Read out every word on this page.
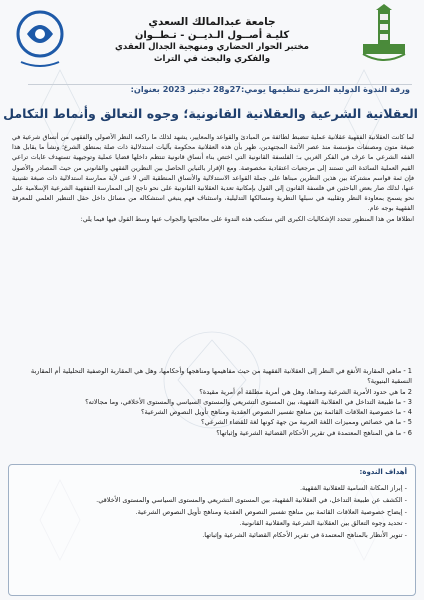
جامعة عبدالمالك السعدي
كليـة أصــول الـديــن - تـطــوان
مختبر الحوار الحضاري ومنهجية الجدال العقدي
والفكري والبحث في التراث
ورقة الندوة الدولية المزمع تنظيمها يومي:27و28 دجنبر 2023 بعنوان:
العقلانية الشرعية والعقلانية القانونية؛ وجوه التعالق وأنماط التكامل

لما كانت العقلانية الفقهية عقلانية عملية تنضبط لطائفة من المبادئ والقواعد والمعايير، يشهد لذلك ما راكمه النظر الأصولي والفقهي من أنساق شرعية في صيغة متون ومصنفات مؤسسة منذ عصر الأئمة المجتهدين، ظهر بأن هذه العقلانية محكومة بآليات استدلالية ذات صلة بمنطق الشرع؛ ونشأ ما يقابل هذا الفقه الشرعي ما عرف في الفكر الغربي بـ: الفلسفة القانونية التي اختص بناء أنساق قانونية تنتظم داخلها قضايا عملية وتوجيهية تستهدف غايات تراعي القيم العملية السائدة التي تستند إلى مرجعيات اعتقادية مخصوصة. ومع الإقرار بالتباين الحاصل بين النظرين الفقهي والقانوني من حيث المصادر والأصول فإن ثمة قواسم مشتركة بين هذين النظرين مبناها على جملة القواعد الاستدلالية والأنساق المنطقية التي لا غنى لأية ممارسة استدلالية ذات صبغة تقنينية عنها، لذلك صار بعض الباحثين في فلسفة القانون إلى القول بإمكانية تعدية العقلانية القانونية على نحو ناجح إلى الممارسة التفقهية الشرعية الإسلامية على نحو يسمح بمعاودة النظر وتقليبه في سبلها النظرية ومسالكها التدليلية، واستئناف فهم ينبغي استشكاله من مسائل داخل حقل التنظير العلمي للمعرفة الفقهية بوجه عام.

انطلاقا من هذا المنظور تتحدد الإشكاليات الكبرى التي ستكتب هذه الندوة على معالجتها والجواب عنها وسط القول فيها فيما يلي:

1 - ماهي المقاربة الأنفع في النظر إلى العقلانية الفقهية من حيث مفاهيمها ومناهجها وأحكامها، وهل هي المقاربة الوصفية التحليلية أم المقاربة النسقية البنيوية؟
2 ما هي حدود الأمرية الشرعية ومداها، وهل هي أمرية مطلقة أم أمرية مقيدة؟
3 - ما طبيعة التداخل في العقلانية الفقهية، بين المستوى التشريعي والمستوى السياسي والمستوى الأخلاقي، وما مجالاته؟
4 - ما خصوصية العلاقات القائمة بين مناهج تفسير النصوص العقدية ومناهج تأويل النصوص الشرعية؟
5 - ما هي خصائص ومميزات اللغة العربية من جهة كونها لغة للقضاء الشرعي؟
6 - ما هي المناهج المعتمدة في تقرير الأحكام القضائية الشرعية وإثباتها؟
أهداف الندوة:
- إبراز المكانة السامية للعقلانية الفقهية.
- الكشف عن طبيعة التداخل، في العقلانية الفقهية، بين المستوى التشريعي والمستوى السياسي والمستوى الأخلاقي.
- إيضاح خصوصية العلاقات القائمة بين مناهج تفسير النصوص العقدية ومناهج تأويل النصوص الشرعية.
- تحديد وجوه التعالق بين العقلانية الشرعية والعقلانية القانونية.
- تنوير الأنظار بالمناهج المعتمدة في تقرير الأحكام القضائية الشرعية وإثباتها.
